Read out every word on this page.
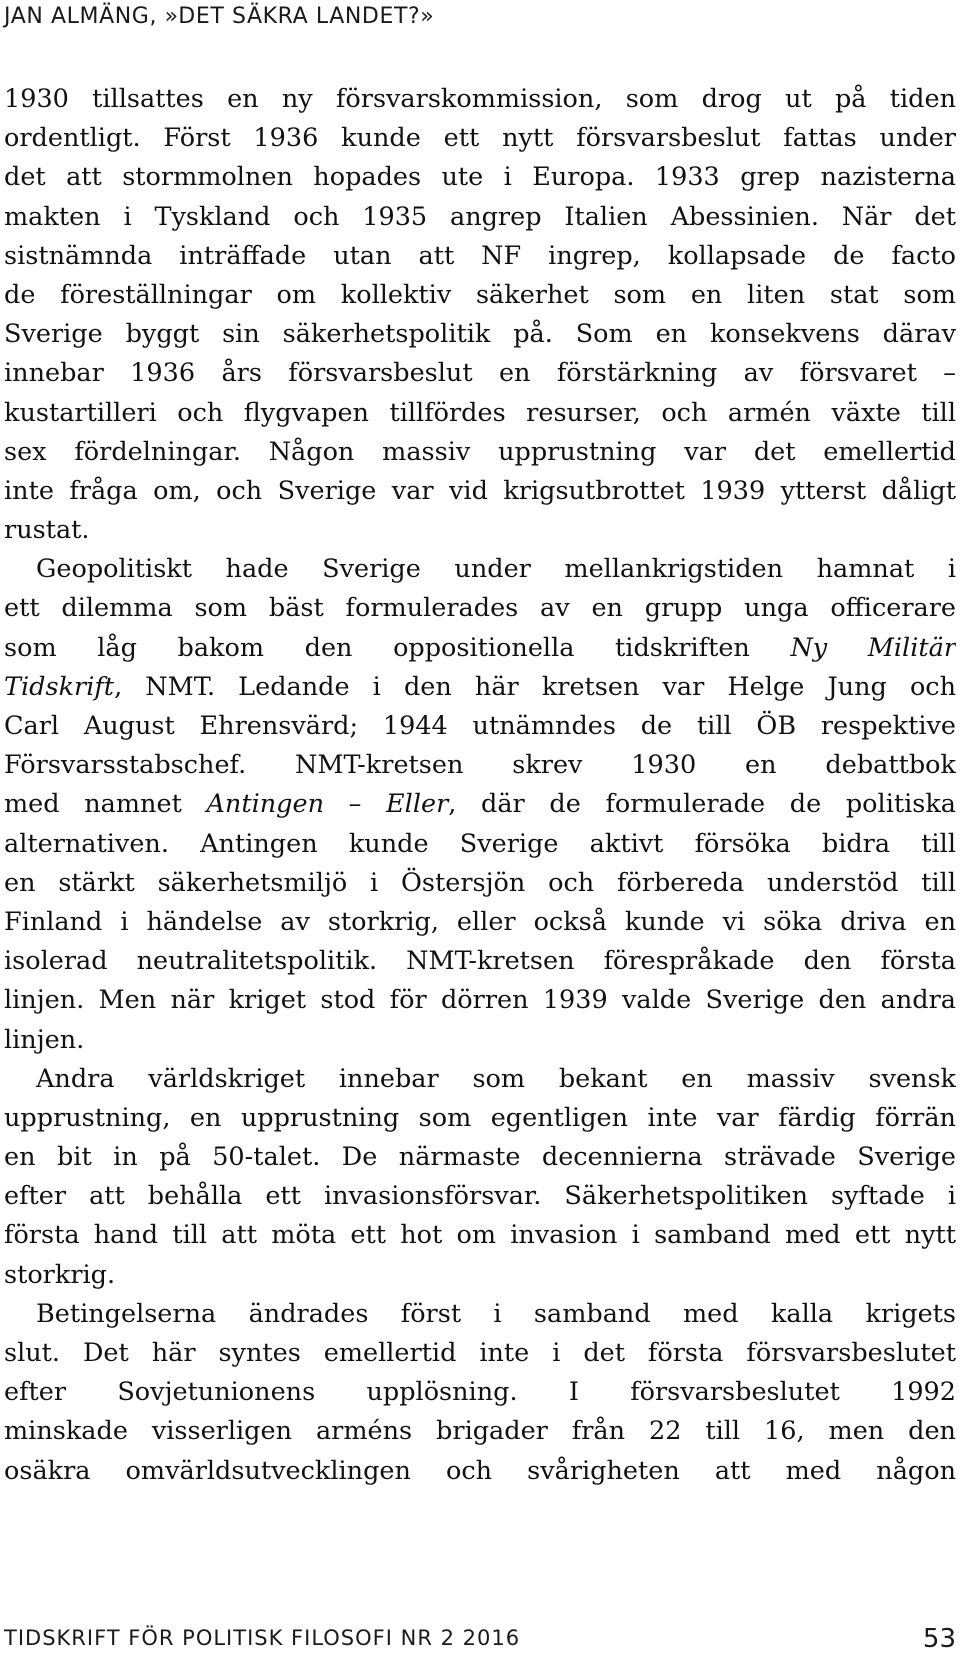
JAN ALMÄNG, »DET SÄKRA LANDET?»
1930 tillsattes en ny försvarskommission, som drog ut på tiden
ordentligt. Först 1936 kunde ett nytt försvarsbeslut fattas under
det att stormmolnen hopades ute i Europa. 1933 grep nazisterna
makten i Tyskland och 1935 angrep Italien Abessinien. När det
sistnämnda inträffade utan att NF ingrep, kollapsade de facto
de föreställningar om kollektiv säkerhet som en liten stat som
Sverige byggt sin säkerhetspolitik på. Som en konsekvens därav
innebar 1936 års försvarsbeslut en förstärkning av försvaret –
kustartilleri och flygvapen tillfördes resurser, och armén växte till
sex fördelningar. Någon massiv upprustning var det emellertid
inte fråga om, och Sverige var vid krigsutbrottet 1939 ytterst dåligt
rustat.
Geopolitiskt hade Sverige under mellankrigstiden hamnat i
ett dilemma som bäst formulerades av en grupp unga officerare
som låg bakom den oppositionella tidskriften Ny Militär
Tidskrift, NMT. Ledande i den här kretsen var Helge Jung och
Carl August Ehrensvärd; 1944 utnämndes de till ÖB respektive
Försvarsstabschef. NMT-kretsen skrev 1930 en debattbok
med namnet Antingen – Eller, där de formulerade de politiska
alternativen. Antingen kunde Sverige aktivt försöka bidra till
en stärkt säkerhetsmiljö i Östersjön och förbereda understöd till
Finland i händelse av storkrig, eller också kunde vi söka driva en
isolerad neutralitetspolitik. NMT-kretsen förespråkade den första
linjen. Men när kriget stod för dörren 1939 valde Sverige den andra
linjen.
Andra världskriget innebar som bekant en massiv svensk
upprustning, en upprustning som egentligen inte var färdig förrän
en bit in på 50-talet. De närmaste decennierna strävade Sverige
efter att behålla ett invasionsförsvar. Säkerhetspolitiken syftade i
första hand till att möta ett hot om invasion i samband med ett nytt
storkrig.
Betingelserna ändrades först i samband med kalla krigets
slut. Det här syntes emellertid inte i det första försvarsbeslutet
efter Sovjetunionens upplösning. I försvarsbeslutet 1992
minskade visserligen arméns brigader från 22 till 16, men den
osäkra omvärldsutvecklingen och svårigheten att med någon
TIDSKRIFT FÖR POLITISK FILOSOFI NR 2 2016	53
